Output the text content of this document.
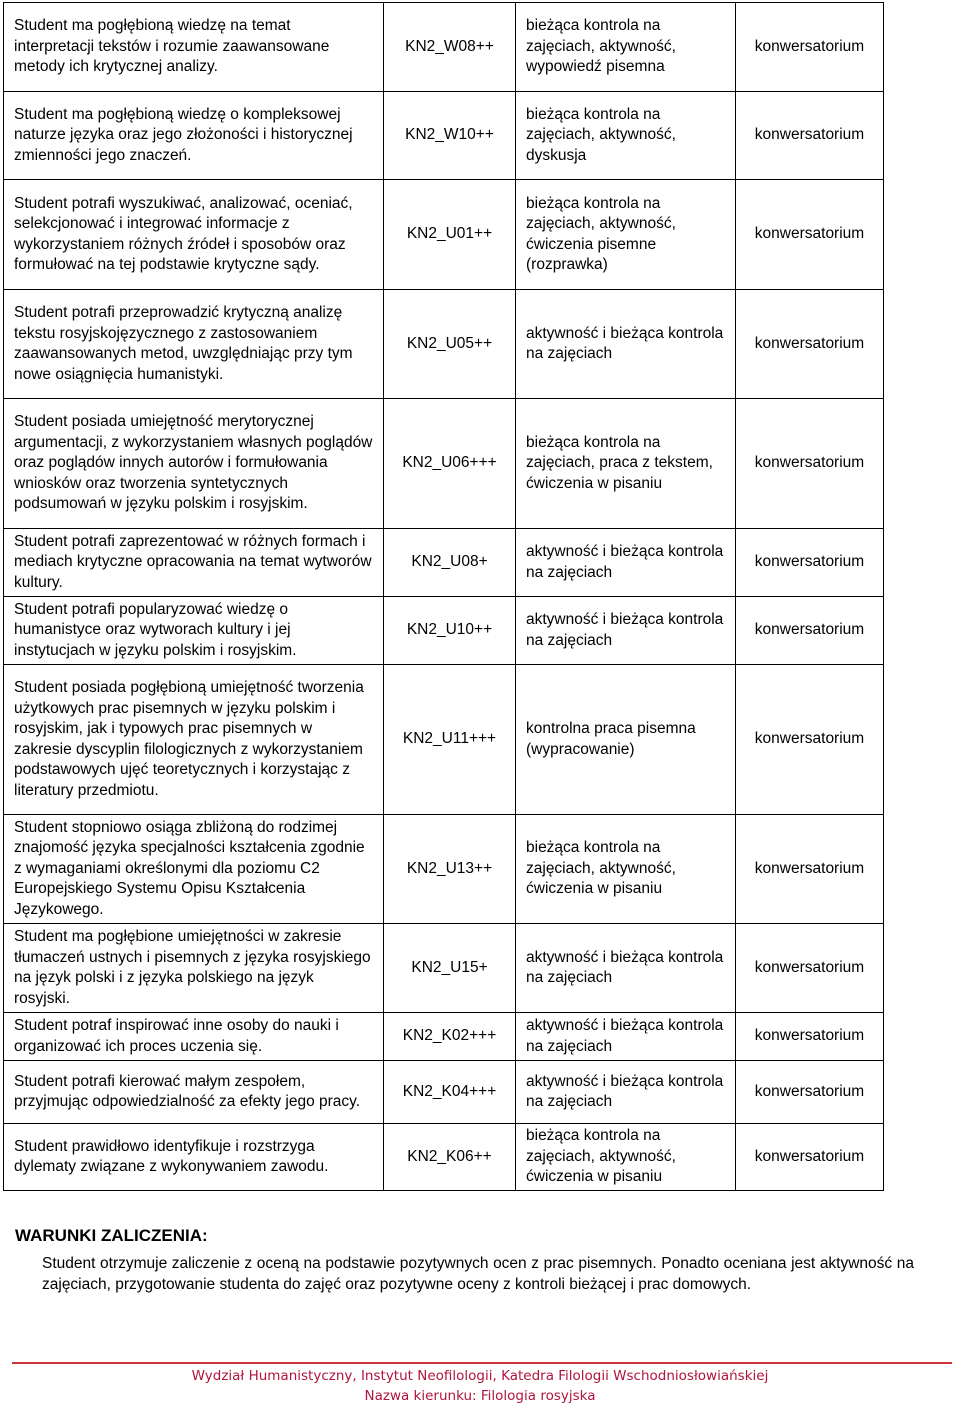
Student ma pogłębioną wiedzę na temat interpretacji tekstów i rozumie zaawansowane metody ich krytycznej analizy.	KN2_W08++	bieżąca kontrola na zajęciach, aktywność, wypowiedź pisemna	konwersatorium
Student ma pogłębioną wiedzę o kompleksowej naturze języka oraz jego złożoności i historycznej zmienności jego znaczeń.	KN2_W10++	bieżąca kontrola na zajęciach, aktywność, dyskusja	konwersatorium
Student potrafi wyszukiwać, analizować, oceniać, selekcjonować i integrować informacje z wykorzystaniem różnych źródeł i sposobów oraz formułować na tej podstawie krytyczne sądy.	KN2_U01++	bieżąca kontrola na zajęciach, aktywność, ćwiczenia pisemne (rozprawka)	konwersatorium
Student potrafi przeprowadzić krytyczną analizę tekstu rosyjskojęzycznego z zastosowaniem zaawansowanych metod, uwzględniając przy tym nowe osiągnięcia humanistyki.	KN2_U05++	aktywność i bieżąca kontrola na zajęciach	konwersatorium
Student posiada umiejętność merytorycznej argumentacji, z wykorzystaniem własnych poglądów oraz poglądów innych autorów i formułowania wniosków oraz tworzenia syntetycznych podsumowań w języku polskim i rosyjskim.	KN2_U06+++	bieżąca kontrola na zajęciach, praca z tekstem, ćwiczenia w pisaniu	konwersatorium
Student potrafi zaprezentować w różnych formach i mediach krytyczne opracowania na temat wytworów kultury.	KN2_U08+	aktywność i bieżąca kontrola na zajęciach	konwersatorium
Student potrafi popularyzować wiedzę o humanistyce oraz wytworach kultury i jej instytucjach w języku polskim i rosyjskim.	KN2_U10++	aktywność i bieżąca kontrola na zajęciach	konwersatorium
Student posiada pogłębioną umiejętność tworzenia użytkowych prac pisemnych w języku polskim i rosyjskim, jak i typowych prac pisemnych w zakresie dyscyplin filologicznych z wykorzystaniem podstawowych ujęć teoretycznych i korzystając z literatury przedmiotu.	KN2_U11+++	kontrolna praca pisemna (wypracowanie)	konwersatorium
Student stopniowo osiąga zbliżoną do rodzimej znajomość języka specjalności kształcenia zgodnie z wymaganiami określonymi dla poziomu C2 Europejskiego Systemu Opisu Kształcenia Językowego.	KN2_U13++	bieżąca kontrola na zajęciach, aktywność, ćwiczenia w pisaniu	konwersatorium
Student ma pogłębione umiejętności w zakresie tłumaczeń ustnych i pisemnych z języka rosyjskiego na język polski i z języka polskiego na język rosyjski.	KN2_U15+	aktywność i bieżąca kontrola na zajęciach	konwersatorium
Student potraf inspirować inne osoby do nauki i organizować ich proces uczenia się.	KN2_K02+++	aktywność i bieżąca kontrola na zajęciach	konwersatorium
Student potrafi kierować małym zespołem, przyjmując odpowiedzialność za efekty jego pracy.	KN2_K04+++	aktywność i bieżąca kontrola na zajęciach	konwersatorium
Student prawidłowo identyfikuje i rozstrzyga dylematy związane z wykonywaniem zawodu.	KN2_K06++	bieżąca kontrola na zajęciach, aktywność, ćwiczenia w pisaniu	konwersatorium
WARUNKI ZALICZENIA:

Student otrzymuje zaliczenie z oceną na podstawie pozytywnych ocen z prac pisemnych. Ponadto oceniana jest aktywność na zajęciach, przygotowanie studenta do zajęć oraz pozytywne oceny z kontroli bieżącej i prac domowych.

Wydział Humanistyczny, Instytut Neofilologii, Katedra Filologii Wschodniosłowiańskiej
Nazwa kierunku: Filologia rosyjska
